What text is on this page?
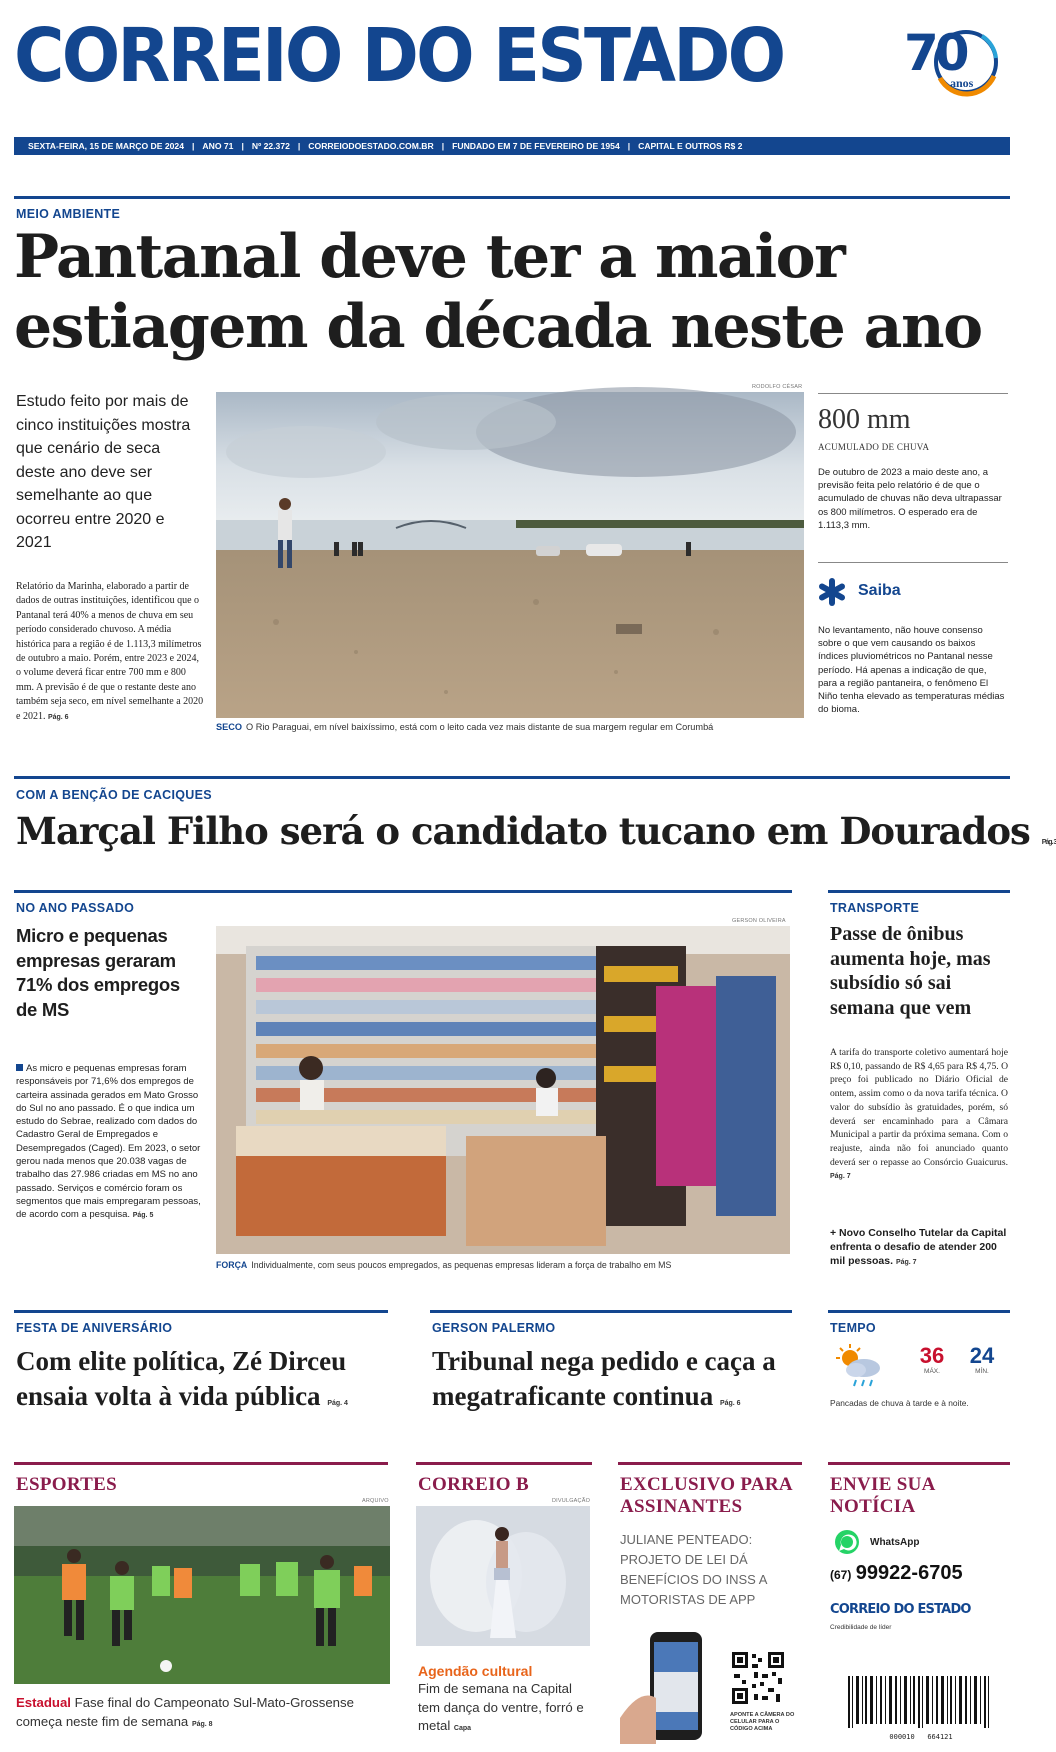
CORREIO DO ESTADO	70
anos
SEXTA-FEIRA, 15 DE MARÇO DE 2024 | ANO 71 | Nº 22.372 | CORREIODOESTADO.COM.BR | FUNDADO EM 7 DE FEVEREIRO DE 1954 | CAPITAL E OUTROS R$ 2
MEIO AMBIENTE
Pantanal deve ter a maior
estiagem da década neste ano
Estudo feito por mais de cinco instituições mostra que cenário de seca deste ano deve ser semelhante ao que ocorreu entre 2020 e 2021
Relatório da Marinha, elaborado a partir de dados de outras instituições, identificou que o Pantanal terá 40% a menos de chuva em seu período considerado chuvoso. A média histórica para a região é de 1.113,3 milímetros de outubro a maio. Porém, entre 2023 e 2024, o volume deverá ficar entre 700 mm e 800 mm. A previsão é de que o restante deste ano também seja seco, em nível semelhante a 2020 e 2021. Pág. 6
RODOLFO CÉSAR
SECO O Rio Paraguai, em nível baixíssimo, está com o leito cada vez mais distante de sua margem regular em Corumbá
800 mm
ACUMULADO DE CHUVA
De outubro de 2023 a maio deste ano, a previsão feita pelo relatório é de que o acumulado de chuvas não deva ultrapassar os 800 milímetros. O esperado era de 1.113,3 mm.
Saiba
No levantamento, não houve consenso sobre o que vem causando os baixos índices pluviométricos no Pantanal nesse período. Há apenas a indicação de que, para a região pantaneira, o fenômeno El Niño tenha elevado as temperaturas médias do bioma.
COM A BENÇÃO DE CACIQUES
Marçal Filho será o candidato tucano em Dourados Pág. 3
NO ANO PASSADO
Micro e pequenas empresas geraram 71% dos empregos de MS
As micro e pequenas empresas foram responsáveis por 71,6% dos empregos de carteira assinada gerados em Mato Grosso do Sul no ano passado. É o que indica um estudo do Sebrae, realizado com dados do Cadastro Geral de Empregados e Desempregados (Caged). Em 2023, o setor gerou nada menos que 20.038 vagas de trabalho das 27.986 criadas em MS no ano passado. Serviços e comércio foram os segmentos que mais empregaram pessoas, de acordo com a pesquisa. Pág. 5
GERSON OLIVEIRA
FORÇA Individualmente, com seus poucos empregados, as pequenas empresas lideram a força de trabalho em MS
TRANSPORTE
Passe de ônibus aumenta hoje, mas subsídio só sai semana que vem
A tarifa do transporte coletivo aumentará hoje R$ 0,10, passando de R$ 4,65 para R$ 4,75. O preço foi publicado no Diário Oficial de ontem, assim como o da nova tarifa técnica. O valor do subsídio às gratuidades, porém, só deverá ser encaminhado para a Câmara Municipal a partir da próxima semana. Com o reajuste, ainda não foi anunciado quanto deverá ser o repasse ao Consórcio Guaicurus. Pág. 7
+ Novo Conselho Tutelar da Capital enfrenta o desafio de atender 200 mil pessoas. Pág. 7
FESTA DE ANIVERSÁRIO
Com elite política, Zé Dirceu ensaia volta à vida pública Pág. 4
GERSON PALERMO
Tribunal nega pedido e caça a megatraficante continua Pág. 6
TEMPO
36
MÁX.
24
MÍN.
Pancadas de chuva à tarde e à noite.
ESPORTES
ARQUIVO
Estadual Fase final do Campeonato Sul-Mato-Grossense começa neste fim de semana Pág. 8
CORREIO B
DIVULGAÇÃO
Agendão cultural
Fim de semana na Capital tem dança do ventre, forró e metal Capa
EXCLUSIVO PARA ASSINANTES
JULIANE PENTEADO: PROJETO DE LEI DÁ BENEFÍCIOS DO INSS A MOTORISTAS DE APP
APONTE A CÂMERA DO CELULAR PARA O CÓDIGO ACIMA
ENVIE SUA NOTÍCIA
WhatsApp
(67) 99922-6705
CORREIO DO ESTADO
Credibilidade de líder
000010   664121
